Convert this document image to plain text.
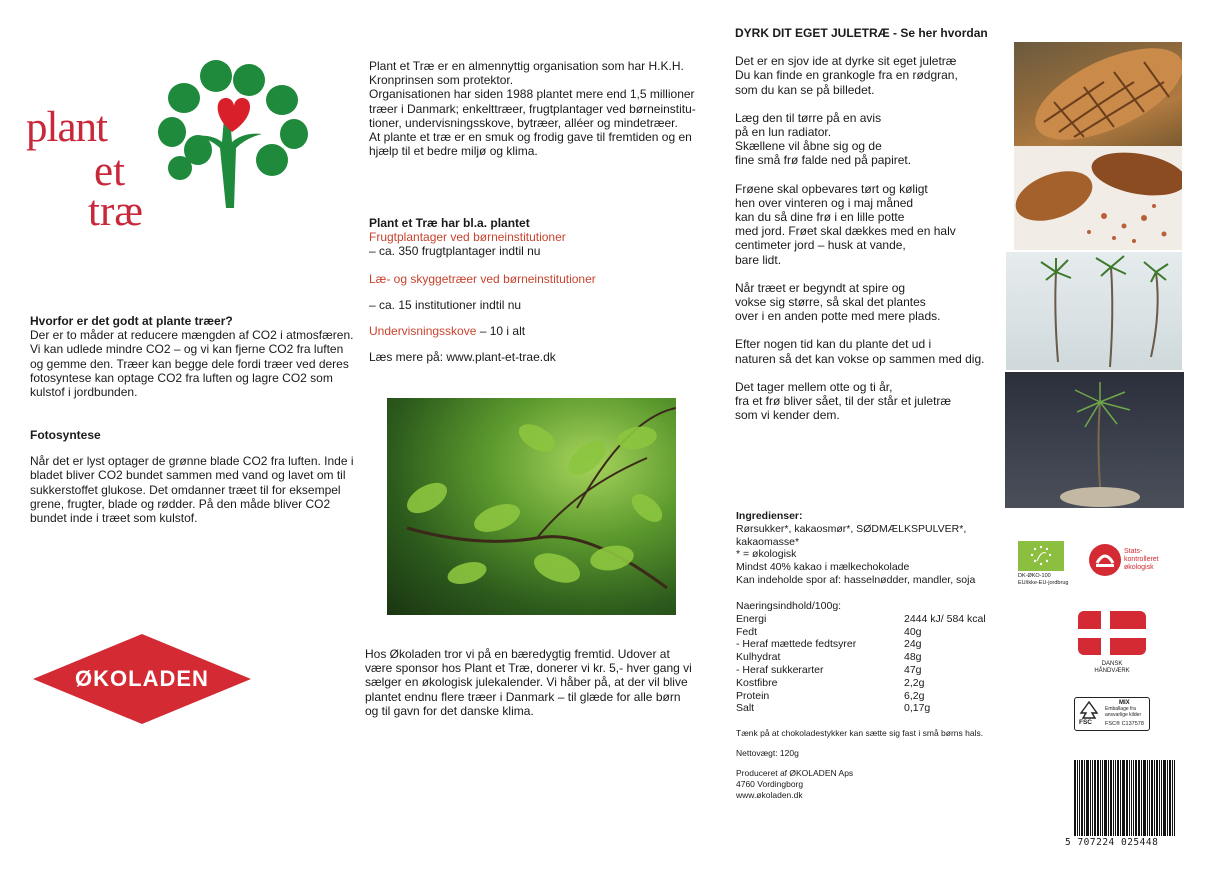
plant
et
træ

Hvorfor er det godt at plante træer?

Der er to måder at reducere mængden af CO2 i atmosfæren.

Vi kan udlede mindre CO2 – og vi kan fjerne CO2 fra luften

og gemme den. Træer kan begge dele fordi træer ved deres

fotosyntese kan optage CO2 fra luften og lagre CO2 som

kulstof i jordbunden.

Fotosyntese

Når det er lyst optager de grønne blade CO2 fra luften. Inde i

bladet bliver CO2 bundet sammen med vand og lavet om til

sukkerstoffet glukose. Det omdanner træet til for eksempel

grene, frugter, blade og rødder. På den måde bliver CO2

bundet inde i træet som kulstof.

ØKOLADEN

Plant et Træ er en almennyttig organisation som har H.K.H.

Kronprinsen som protektor.

Organisationen har siden 1988 plantet mere end 1,5 millioner

træer i Danmark; enkelttræer, frugtplantager ved børneinstitu-

tioner, undervisningsskove, bytræer, alléer og mindetræer.

At plante et træ er en smuk og frodig gave til fremtiden og en

hjælp til et bedre miljø og klima.

Plant et Træ har bl.a. plantet

Frugtplantager ved børneinstitutioner

– ca. 350 frugtplantager indtil nu

Læ- og skyggetræer ved børneinstitutioner

– ca. 15 institutioner indtil nu

Undervisningsskove – 10 i alt

Læs mere på: www.plant-et-trae.dk

Hos Økoladen tror vi på en bæredygtig fremtid. Udover at

være sponsor hos Plant et Træ, donerer vi kr. 5,- hver gang vi

sælger en økologisk julekalender. Vi håber på, at der vil blive

plantet endnu flere træer i Danmark – til glæde for alle børn

og til gavn for det danske klima.

DYRK DIT EGET JULETRÆ - Se her hvordan

Det er en sjov ide at dyrke sit eget juletræ

Du kan finde en grankogle fra en rødgran,

som du kan se på billedet.

Læg den til tørre på en avis

på en lun radiator.

Skællene vil åbne sig og de

fine små frø falde ned på papiret.

Frøene skal opbevares tørt og køligt

hen over vinteren og i maj måned

kan du så dine frø i en lille potte

med jord. Frøet skal dækkes med en halv

centimeter jord – husk at vande,

bare lidt.

Når træet er begyndt at spire og

vokse sig større, så skal det plantes

over i en anden potte med mere plads.

Efter nogen tid kan du plante det ud i

naturen så det kan vokse op sammen med dig.

Det tager mellem otte og ti år,

fra et frø bliver sået, til der står et juletræ

som vi kender dem.

Ingredienser:

Rørsukker*, kakaosmør*, SØDMÆLKSPULVER*,

kakaomasse*

* = økologisk

Mindst 40% kakao i mælkechokolade

Kan indeholde spor af: hasselnødder, mandler, soja

Naeringsindhold/100g:

Energi	2444 kJ/ 584 kcal
Fedt	40g
- Heraf mættede fedtsyrer	24g
Kulhydrat	48g
- Heraf sukkerarter	47g
Kostfibre	2,2g
Protein	6,2g
Salt	0,17g
Tænk på at chokoladestykker kan sætte sig fast i små børns hals.
Nettovægt: 120g

Produceret af ØKOLADEN Aps

4760 Vordingborg

www.økoladen.dk

DK-ØKO-100

EU/ikke-EU-jordbrug

Stats-

kontrolleret

økologisk

DANSK

HÅNDVÆRK

FSC
MIX

Emballage fra

ansvarlige kilder

FSC® C137578
5 707224 025448
